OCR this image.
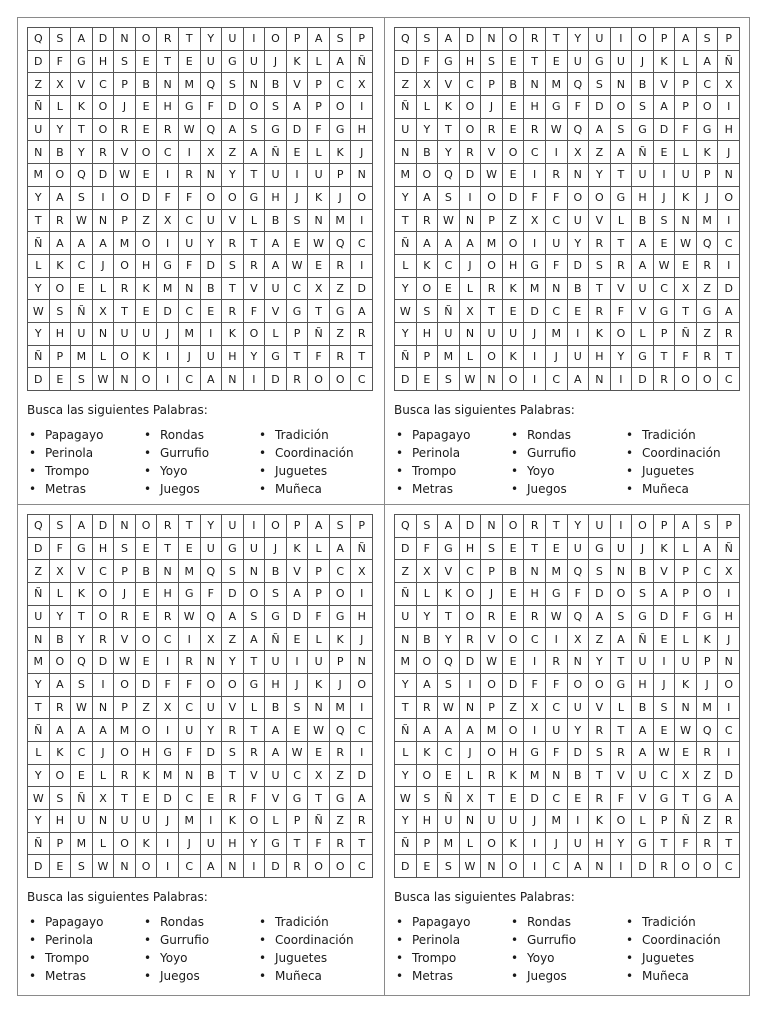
Q	S	A	D	N	O	R	T	Y	U	I	O	P	A	S	P
D	F	G	H	S	E	T	E	U	G	U	J	K	L	A	Ñ
Z	X	V	C	P	B	N	M	Q	S	N	B	V	P	C	X
Ñ	L	K	O	J	E	H	G	F	D	O	S	A	P	O	I
U	Y	T	O	R	E	R	W	Q	A	S	G	D	F	G	H
N	B	Y	R	V	O	C	I	X	Z	A	Ñ	E	L	K	J
M	O	Q	D	W	E	I	R	N	Y	T	U	I	U	P	N
Y	A	S	I	O	D	F	F	O	O	G	H	J	K	J	O
T	R	W	N	P	Z	X	C	U	V	L	B	S	N	M	I
Ñ	A	A	A	M	O	I	U	Y	R	T	A	E	W	Q	C
L	K	C	J	O	H	G	F	D	S	R	A	W	E	R	I
Y	O	E	L	R	K	M	N	B	T	V	U	C	X	Z	D
W	S	Ñ	X	T	E	D	C	E	R	F	V	G	T	G	A
Y	H	U	N	U	U	J	M	I	K	O	L	P	Ñ	Z	R
Ñ	P	M	L	O	K	I	J	U	H	Y	G	T	F	R	T
D	E	S	W	N	O	I	C	A	N	I	D	R	O	O	C
Busca las siguientes Palabras:
• Papagayo
• Perinola
• Trompo
• Metras
• Rondas
• Gurrufio
• Yoyo
• Juegos
• Tradición
• Coordinación
• Juguetes
• Muñeca
Q	S	A	D	N	O	R	T	Y	U	I	O	P	A	S	P
D	F	G	H	S	E	T	E	U	G	U	J	K	L	A	Ñ
Z	X	V	C	P	B	N	M	Q	S	N	B	V	P	C	X
Ñ	L	K	O	J	E	H	G	F	D	O	S	A	P	O	I
U	Y	T	O	R	E	R	W	Q	A	S	G	D	F	G	H
N	B	Y	R	V	O	C	I	X	Z	A	Ñ	E	L	K	J
M	O	Q	D	W	E	I	R	N	Y	T	U	I	U	P	N
Y	A	S	I	O	D	F	F	O	O	G	H	J	K	J	O
T	R	W	N	P	Z	X	C	U	V	L	B	S	N	M	I
Ñ	A	A	A	M	O	I	U	Y	R	T	A	E	W	Q	C
L	K	C	J	O	H	G	F	D	S	R	A	W	E	R	I
Y	O	E	L	R	K	M	N	B	T	V	U	C	X	Z	D
W	S	Ñ	X	T	E	D	C	E	R	F	V	G	T	G	A
Y	H	U	N	U	U	J	M	I	K	O	L	P	Ñ	Z	R
Ñ	P	M	L	O	K	I	J	U	H	Y	G	T	F	R	T
D	E	S	W	N	O	I	C	A	N	I	D	R	O	O	C
Busca las siguientes Palabras:
• Papagayo
• Perinola
• Trompo
• Metras
• Rondas
• Gurrufio
• Yoyo
• Juegos
• Tradición
• Coordinación
• Juguetes
• Muñeca
Q	S	A	D	N	O	R	T	Y	U	I	O	P	A	S	P
D	F	G	H	S	E	T	E	U	G	U	J	K	L	A	Ñ
Z	X	V	C	P	B	N	M	Q	S	N	B	V	P	C	X
Ñ	L	K	O	J	E	H	G	F	D	O	S	A	P	O	I
U	Y	T	O	R	E	R	W	Q	A	S	G	D	F	G	H
N	B	Y	R	V	O	C	I	X	Z	A	Ñ	E	L	K	J
M	O	Q	D	W	E	I	R	N	Y	T	U	I	U	P	N
Y	A	S	I	O	D	F	F	O	O	G	H	J	K	J	O
T	R	W	N	P	Z	X	C	U	V	L	B	S	N	M	I
Ñ	A	A	A	M	O	I	U	Y	R	T	A	E	W	Q	C
L	K	C	J	O	H	G	F	D	S	R	A	W	E	R	I
Y	O	E	L	R	K	M	N	B	T	V	U	C	X	Z	D
W	S	Ñ	X	T	E	D	C	E	R	F	V	G	T	G	A
Y	H	U	N	U	U	J	M	I	K	O	L	P	Ñ	Z	R
Ñ	P	M	L	O	K	I	J	U	H	Y	G	T	F	R	T
D	E	S	W	N	O	I	C	A	N	I	D	R	O	O	C
Busca las siguientes Palabras:
• Papagayo
• Perinola
• Trompo
• Metras
• Rondas
• Gurrufio
• Yoyo
• Juegos
• Tradición
• Coordinación
• Juguetes
• Muñeca
Q	S	A	D	N	O	R	T	Y	U	I	O	P	A	S	P
D	F	G	H	S	E	T	E	U	G	U	J	K	L	A	Ñ
Z	X	V	C	P	B	N	M	Q	S	N	B	V	P	C	X
Ñ	L	K	O	J	E	H	G	F	D	O	S	A	P	O	I
U	Y	T	O	R	E	R	W	Q	A	S	G	D	F	G	H
N	B	Y	R	V	O	C	I	X	Z	A	Ñ	E	L	K	J
M	O	Q	D	W	E	I	R	N	Y	T	U	I	U	P	N
Y	A	S	I	O	D	F	F	O	O	G	H	J	K	J	O
T	R	W	N	P	Z	X	C	U	V	L	B	S	N	M	I
Ñ	A	A	A	M	O	I	U	Y	R	T	A	E	W	Q	C
L	K	C	J	O	H	G	F	D	S	R	A	W	E	R	I
Y	O	E	L	R	K	M	N	B	T	V	U	C	X	Z	D
W	S	Ñ	X	T	E	D	C	E	R	F	V	G	T	G	A
Y	H	U	N	U	U	J	M	I	K	O	L	P	Ñ	Z	R
Ñ	P	M	L	O	K	I	J	U	H	Y	G	T	F	R	T
D	E	S	W	N	O	I	C	A	N	I	D	R	O	O	C
Busca las siguientes Palabras:
• Papagayo
• Perinola
• Trompo
• Metras
• Rondas
• Gurrufio
• Yoyo
• Juegos
• Tradición
• Coordinación
• Juguetes
• Muñeca
